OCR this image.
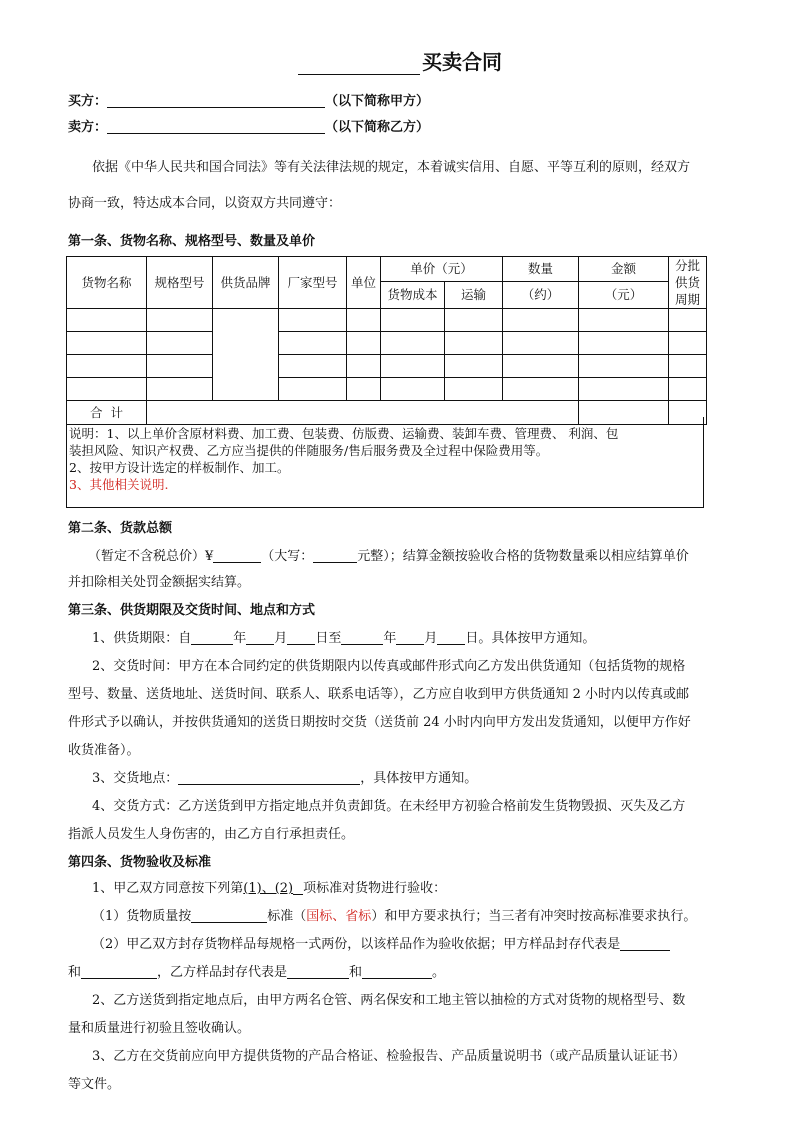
买卖合同
买方：	（以下简称甲方）
卖方：	（以下简称乙方）
依据《中华人民共和国合同法》等有关法律法规的规定，本着诚实信用、自愿、平等互利的原则，经双方
协商一致，特达成本合同，以资双方共同遵守：
第一条、货物名称、规格型号、数量及单价
货物名称	规格型号	供货品牌	厂家型号	单位	单价（元）		数量	金额	分批供货周期
					货物成本	运输	（约）	（元）	

合  计									
说明：1、以上单价含原材料费、加工费、包装费、仿版费、运输费、装卸车费、管理费、 利润、包
装担风险、知识产权费、乙方应当提供的伴随服务/售后服务费及全过程中保险费用等。
2、按甲方设计选定的样板制作、加工。
3、其他相关说明.
第二条、货款总额
（暂定不含税总价）¥	（大写：	元整）；结算金额按验收合格的货物数量乘以相应结算单价
并扣除相关处罚金额据实结算。
第三条、供货期限及交货时间、地点和方式
1、供货期限：自	年 月 日至	年 月 日。具体按甲方通知。
2、交货时间：甲方在本合同约定的供货期限内以传真或邮件形式向乙方发出供货通知（包括货物的规格
型号、数量、送货地址、送货时间、联系人、联系电话等），乙方应自收到甲方供货通知 2 小时内以传真或邮
件形式予以确认，并按供货通知的送货日期按时交货（送货前 24 小时内向甲方发出发货通知，以便甲方作好
收货准备）。
3、交货地点：	，具体按甲方通知。
4、交货方式：乙方送货到甲方指定地点并负责卸货。在未经甲方初验合格前发生货物毁损、灭失及乙方
指派人员发生人身伤害的，由乙方自行承担责任。
第四条、货物验收及标准
1、甲乙双方同意按下列第(1)、(2) 项标准对货物进行验收：
（1）货物质量按	标准（国标、省标）和甲方要求执行；当三者有冲突时按高标准要求执行。
（2）甲乙双方封存货物样品每规格一式两份，以该样品作为验收依据；甲方样品封存代表是
和	，乙方样品封存代表是	和	。
2、乙方送货到指定地点后，由甲方两名仓管、两名保安和工地主管以抽检的方式对货物的规格型号、数
量和质量进行初验且签收确认。
3、乙方在交货前应向甲方提供货物的产品合格证、检验报告、产品质量说明书（或产品质量认证证书）
等文件。
